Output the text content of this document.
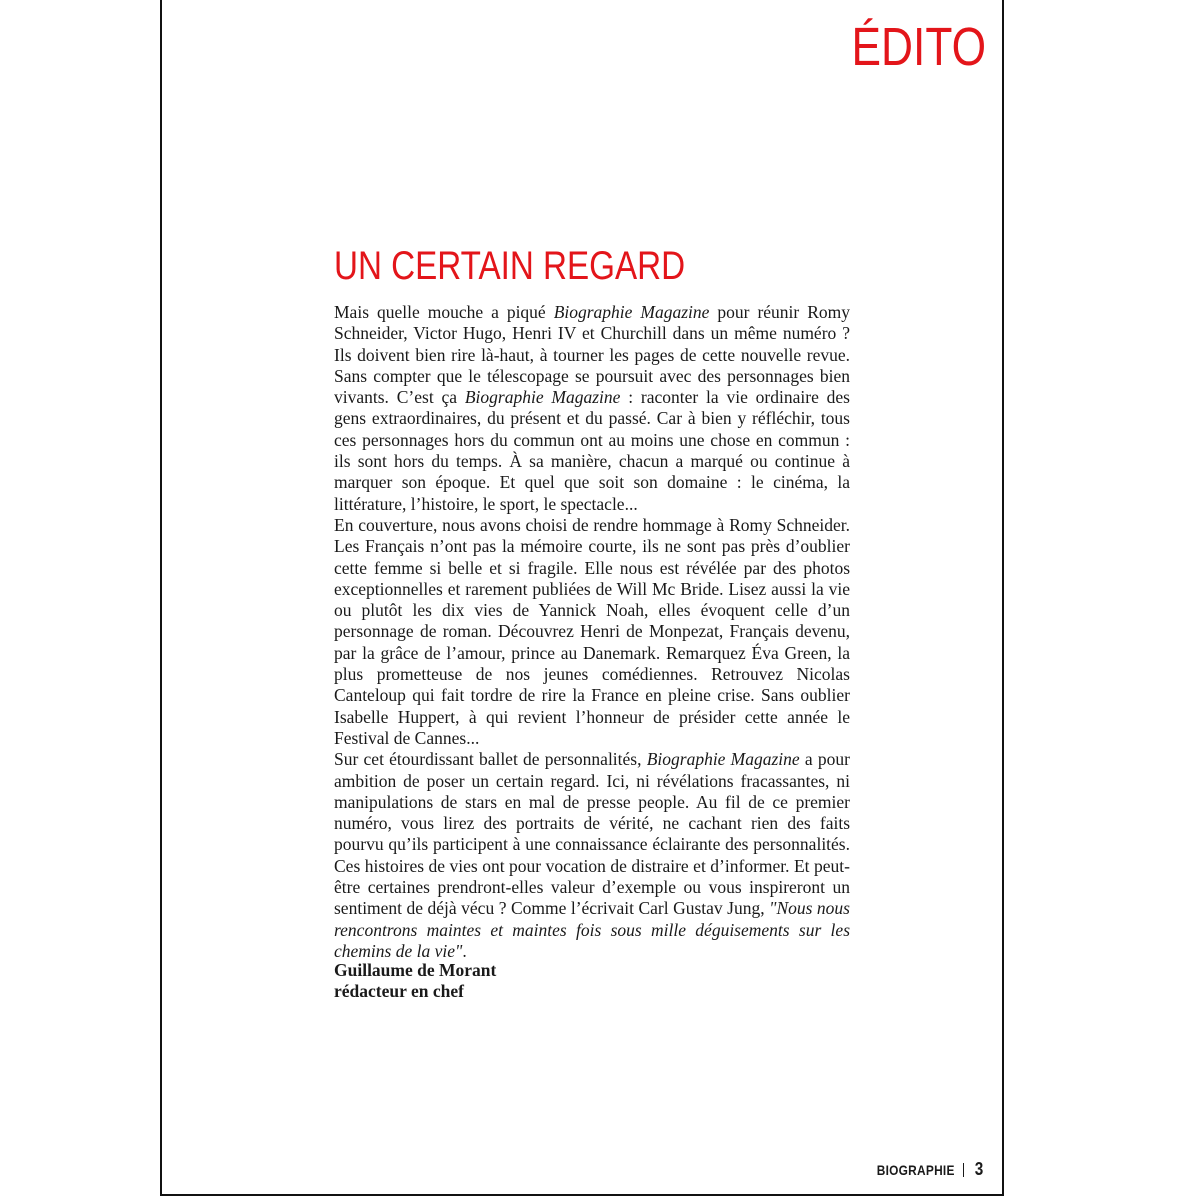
ÉDITO
UN CERTAIN REGARD

Mais quelle mouche a piqué Biographie Magazine pour réunir Romy Schneider, Victor Hugo, Henri IV et Churchill dans un même numéro ? Ils doivent bien rire là-haut, à tourner les pages de cette nouvelle revue. Sans compter que le télescopage se poursuit avec des personnages bien vivants. C’est ça Biographie Magazine : raconter la vie ordinaire des gens extraordinaires, du présent et du passé. Car à bien y réfléchir, tous ces personnages hors du commun ont au moins une chose en commun : ils sont hors du temps. À sa manière, chacun a marqué ou continue à marquer son époque. Et quel que soit son domaine : le cinéma, la littérature, l’histoire, le sport, le spectacle...

En couverture, nous avons choisi de rendre hommage à Romy Schneider. Les Français n’ont pas la mémoire courte, ils ne sont pas près d’oublier cette femme si belle et si fragile. Elle nous est révélée par des photos exceptionnelles et rarement publiées de Will Mc Bride. Lisez aussi la vie ou plutôt les dix vies de Yannick Noah, elles évoquent celle d’un personnage de roman. Découvrez Henri de Monpezat, Français devenu, par la grâce de l’amour, prince au Danemark. Remarquez Éva Green, la plus prometteuse de nos jeunes comédiennes. Retrouvez Nicolas Canteloup qui fait tordre de rire la France en pleine crise. Sans oublier Isabelle Huppert, à qui revient l’honneur de présider cette année le Festival de Cannes...

Sur cet étourdissant ballet de personnalités, Biographie Magazine a pour ambition de poser un certain regard. Ici, ni révélations fracassantes, ni manipulations de stars en mal de presse people. Au fil de ce premier numéro, vous lirez des portraits de vérité, ne cachant rien des faits pourvu qu’ils participent à une connaissance éclairante des personnalités. Ces histoires de vies ont pour vocation de distraire et d’informer. Et peut-être certaines prendront-elles valeur d’exemple ou vous inspireront un sentiment de déjà vécu ? Comme l’écrivait Carl Gustav Jung, "Nous nous rencontrons maintes et maintes fois sous mille déguisements sur les chemins de la vie".

Guillaume de Morant
rédacteur en chef
BIOGRAPHIE 3
